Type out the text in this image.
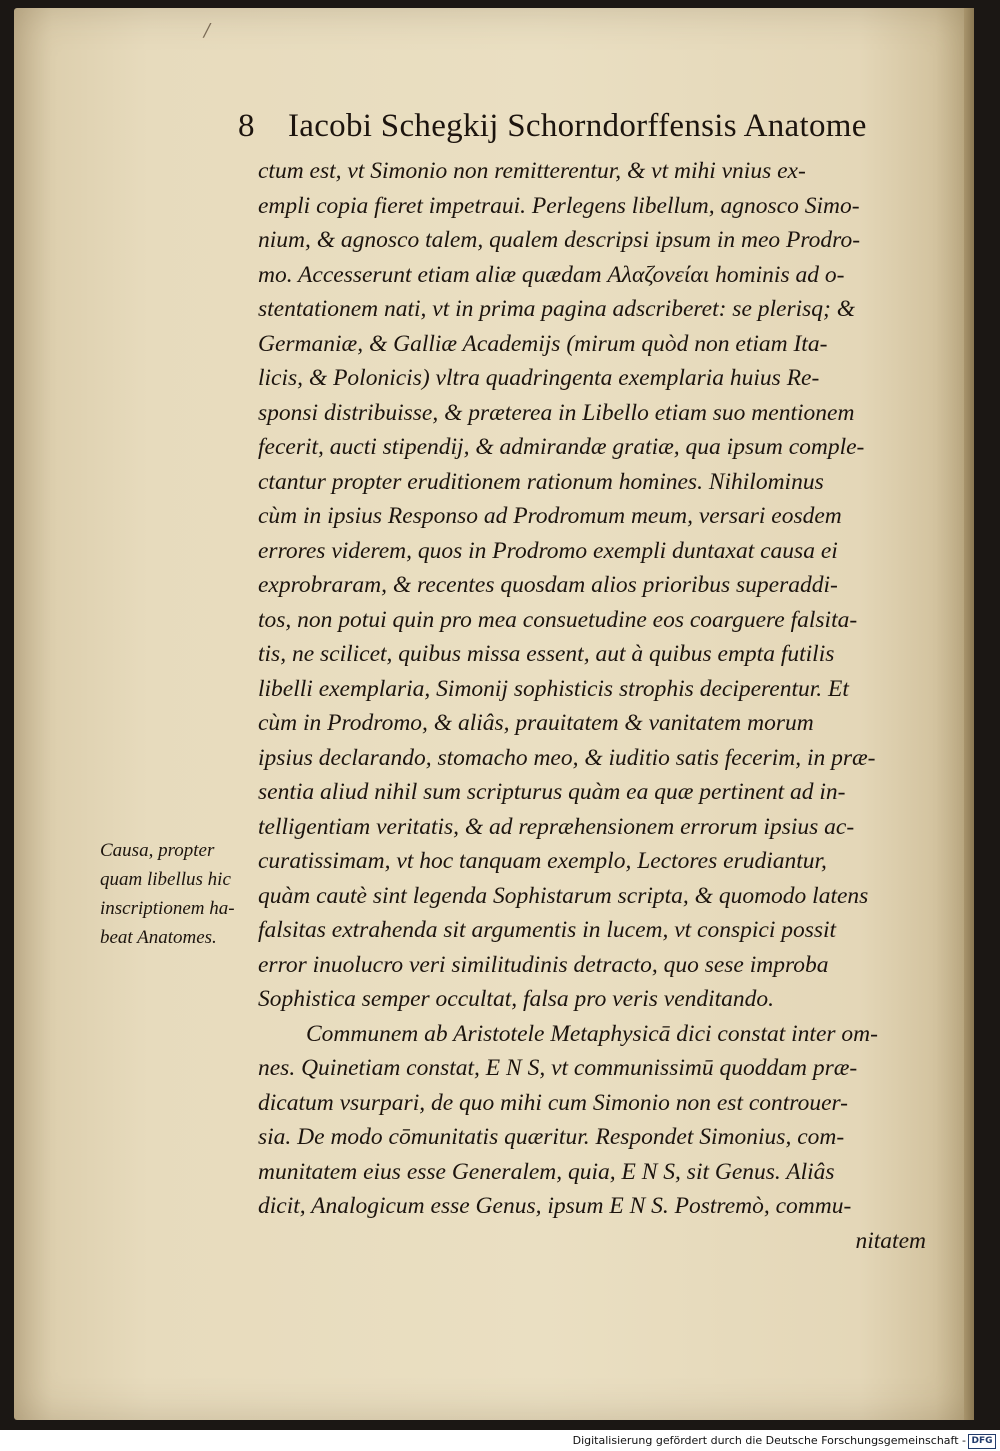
/
8 Iacobi Schegkij Schorndorffensis Anatome
ctum est, vt Simonio non remitterentur, & vt mihi vnius ex-
empli copia fieret impetraui. Perlegens libellum, agnosco Simo-
nium, & agnosco talem, qualem descripsi ipsum in meo Prodro-
mo. Accesserunt etiam aliæ quædam Αλαζονείαι hominis ad o-
stentationem nati, vt in prima pagina adscriberet: se plerisq; &
Germaniæ, & Galliæ Academijs (mirum quòd non etiam Ita-
licis, & Polonicis) vltra quadringenta exemplaria huius Re-
sponsi distribuisse, & præterea in Libello etiam suo mentionem
fecerit, aucti stipendij, & admirandæ gratiæ, qua ipsum comple-
ctantur propter eruditionem rationum homines. Nihilominus
cùm in ipsius Responso ad Prodromum meum, versari eosdem
errores viderem, quos in Prodromo exempli duntaxat causa ei
exprobraram, & recentes quosdam alios prioribus superaddi-
tos, non potui quin pro mea consuetudine eos coarguere falsita-
tis, ne scilicet, quibus missa essent, aut à quibus empta futilis
libelli exemplaria, Simonij sophisticis strophis deciperentur. Et
cùm in Prodromo, & aliâs, prauitatem & vanitatem morum
ipsius declarando, stomacho meo, & iuditio satis fecerim, in præ-
sentia aliud nihil sum scripturus quàm ea quæ pertinent ad in-
telligentiam veritatis, & ad repræhensionem errorum ipsius ac-
curatissimam, vt hoc tanquam exemplo, Lectores erudiantur,
quàm cautè sint legenda Sophistarum scripta, & quomodo latens
falsitas extrahenda sit argumentis in lucem, vt conspici possit
error inuolucro veri similitudinis detracto, quo sese improba
Sophistica semper occultat, falsa pro veris venditando.
Communem ab Aristotele Metaphysicā dici constat inter om-
nes. Quinetiam constat, E N S, vt communissimū quoddam præ-
dicatum vsurpari, de quo mihi cum Simonio non est controuer-
sia. De modo cōmunitatis quæritur. Respondet Simonius, com-
munitatem eius esse Generalem, quia, E N S, sit Genus. Aliâs
dicit, Analogicum esse Genus, ipsum E N S. Postremò, commu-
nitatem
Causa, propter
quam libellus hic
inscriptionem ha-
beat Anatomes.
Digitalisierung gefördert durch die Deutsche Forschungsgemeinschaft - DFG
